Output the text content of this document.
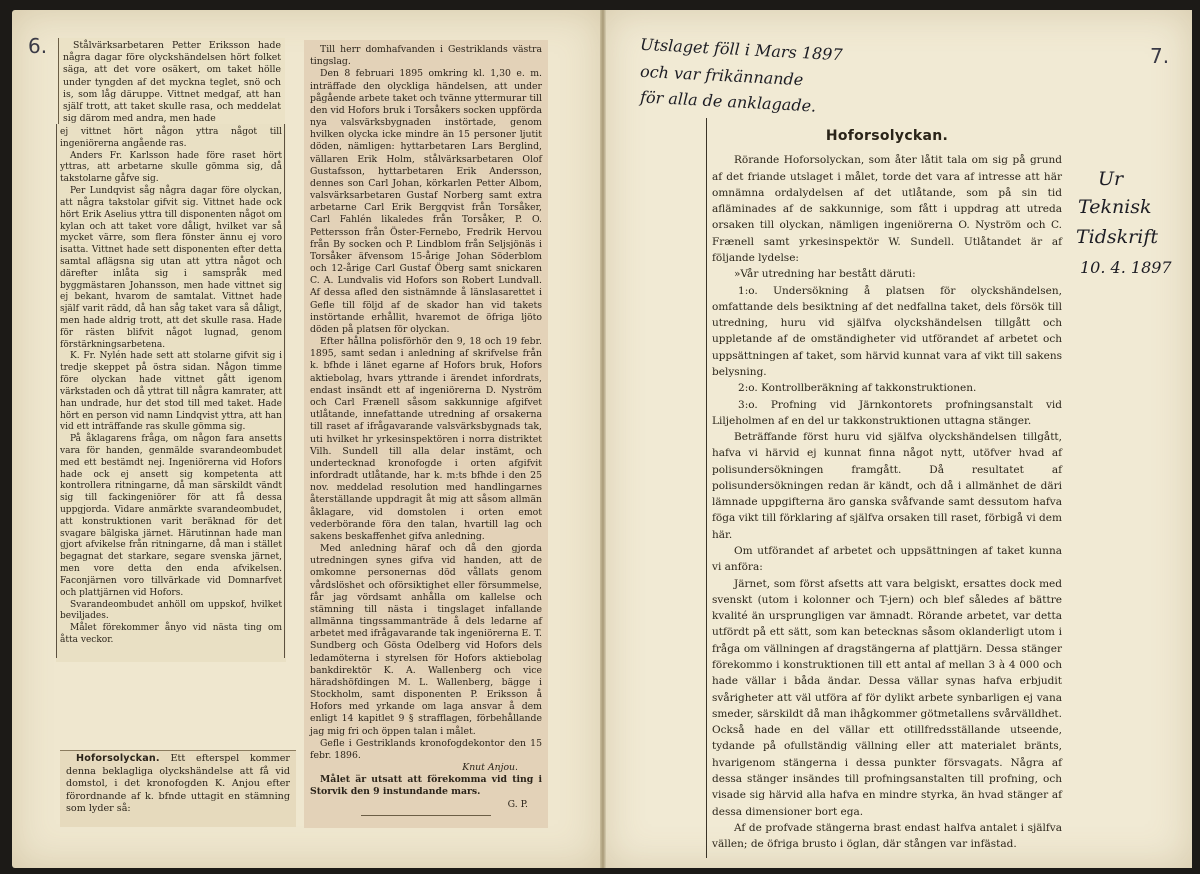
6.	7.

Stålvärksarbetaren Petter Eriksson hade några dagar före olyckshändelsen hört folket säga, att det vore osäkert, om taket hölle under tyngden af det myckna teglet, snö och is, som låg däruppe. Vittnet medgaf, att han själf trott, att taket skulle rasa, och meddelat sig därom med andra, men hade

ej vittnet hört någon yttra något till ingeniörerna angående ras.

Anders Fr. Karlsson hade före raset hört yttras, att arbetarne skulle gömma sig, då takstolarne gåfve sig.

Per Lundqvist såg några dagar före olyckan, att några takstolar gifvit sig. Vittnet hade ock hört Erik Aselius yttra till disponenten något om kylan och att taket vore dåligt, hvilket var så mycket värre, som flera fönster ännu ej voro isatta. Vittnet hade sett disponenten efter detta samtal aflägsna sig utan att yttra något och därefter inlåta sig i samspråk med byggmästaren Johansson, men hade vittnet sig ej bekant, hvarom de samtalat. Vittnet hade själf varit rädd, då han såg taket vara så dåligt, men hade aldrig trott, att det skulle rasa. Hade för rästen blifvit något lugnad, genom förstärkningsarbetena.

K. Fr. Nylén hade sett att stolarne gifvit sig i tredje skeppet på östra sidan. Någon timme före olyckan hade vittnet gått igenom värkstaden och då yttrat till några kamrater, att han undrade, hur det stod till med taket. Hade hört en person vid namn Lindqvist yttra, att han vid ett inträffande ras skulle gömma sig.

På åklagarens fråga, om någon fara ansetts vara för handen, genmälde svarandeombudet med ett bestämdt nej. Ingeniörerna vid Hofors hade ock ej ansett sig kompetenta att kontrollera ritningarne, då man särskildt vändt sig till fackingeniörer för att få dessa uppgjorda. Vidare anmärkte svarandeombudet, att konstruktionen varit beräknad för det svagare bälgiska järnet. Härutinnan hade man gjort afvikelse från ritningarne, då man i stället begagnat det starkare, segare svenska järnet, men vore detta den enda afvikelsen. Faconjärnen voro tillvärkade vid Domnarfvet och plattjärnen vid Hofors.

Svarandeombudet anhöll om uppskof, hvilket beviljades.

Målet förekommer ånyo vid nästa ting om åtta veckor.

Till herr domhafvanden i Gestriklands västra tingslag.

Den 8 februari 1895 omkring kl. 1,30 e. m. inträffade den olyckliga händelsen, att under pågående arbete taket och tvänne yttermurar till den vid Hofors bruk i Torsåkers socken uppförda nya valsvärksbygnaden instörtade, genom hvilken olycka icke mindre än 15 personer ljutit döden, nämligen: hyttarbetaren Lars Berglind, vällaren Erik Holm, stålvärksarbetaren Olof Gustafsson, hyttarbetaren Erik Andersson, dennes son Carl Johan, körkarlen Petter Albom, valsvärksarbetaren Gustaf Norberg samt extra arbetarne Carl Erik Bergqvist från Torsåker, Carl Fahlén likaledes från Torsåker, P. O. Pettersson från Öster-Fernebo, Fredrik Hervou från By socken och P. Lindblom från Seljsjönäs i Torsåker äfvensom 15-årige Johan Söderblom och 12-årige Carl Gustaf Öberg samt snickaren C. A. Lundvalis vid Hofors son Robert Lundvall. Af dessa afled den sistnämnde å länslasarettet i Gefle till följd af de skador han vid takets instörtande erhållit, hvaremot de öfriga ljöto döden på platsen för olyckan.

Efter hållna polisförhör den 9, 18 och 19 febr. 1895, samt sedan i anledning af skrifvelse från k. bfhde i länet egarne af Hofors bruk, Hofors aktiebolag, hvars yttrande i ärendet infordrats, endast insändt ett af ingeniörerna D. Nyström och Carl Frænell såsom sakkunnige afgifvet utlåtande, innefattande utredning af orsakerna till raset af ifrågavarande valsvärksbygnads tak, uti hvilket hr yrkesinspektören i norra distriktet Vilh. Sundell till alla delar instämt, och undertecknad kronofogde i orten afgifvit infordradt utlåtande, har k. m:ts bfhde i den 25 nov. meddelad resolution med handlingarnes återställande uppdragit åt mig att såsom allmän åklagare, vid domstolen i orten emot vederbörande föra den talan, hvartill lag och sakens beskaffenhet gifva anledning.

Med anledning häraf och då den gjorda utredningen synes gifva vid handen, att de omkomne personernas död vållats genom vårdslöshet och oförsiktighet eller försummelse, får jag vördsamt anhålla om kallelse och stämning till nästa i tingslaget infallande allmänna tingssammanträde å dels ledarne af arbetet med ifrågavarande tak ingeniörerna E. T. Sundberg och Gösta Odelberg vid Hofors dels ledamöterna i styrelsen för Hofors aktiebolag bankdirektör K. A. Wallenberg och vice häradshöfdingen M. L. Wallenberg, bägge i Stockholm, samt disponenten P. Eriksson å Hofors med yrkande om laga ansvar å dem enligt 14 kapitlet 9 § strafflagen, förbehållande jag mig fri och öppen talan i målet.

Gefle i Gestriklands kronofogdekontor den 15 febr. 1896.

Knut Anjou.

Målet är utsatt att förekomma vid ting i Storvik den 9 instundande mars.

G. P.

Hoforsolyckan. Ett efterspel kommer denna beklagliga olyckshändelse att få vid domstol, i det kronofogden K. Anjou efter förordnande af k. bfnde uttagit en stämning som lyder så:

Utslaget föll i Mars 1897
och var frikännande
för alla de anklagade.
Ur
Teknisk
Tidskrift
10. 4. 1897
Hoforsolyckan.

Rörande Hoforsolyckan, som åter låtit tala om sig på grund af det friande utslaget i målet, torde det vara af intresse att här omnämna ordalydelsen af det utlåtande, som på sin tid afläminades af de sakkunnige, som fått i uppdrag att utreda orsaken till olyckan, nämligen ingeniörerna O. Nyström och C. Frænell samt yrkesinspektör W. Sundell. Utlåtandet är af följande lydelse:

»Vår utredning har bestått däruti:

1:o. Undersökning å platsen för olyckshändelsen, omfattande dels besiktning af det nedfallna taket, dels försök till utredning, huru vid själfva olyckshändelsen tillgått och uppletande af de omständigheter vid utförandet af arbetet och uppsättningen af taket, som härvid kunnat vara af vikt till sakens belysning.

2:o. Kontrollberäkning af takkonstruktionen.

3:o. Profning vid Järnkontorets profningsanstalt vid Liljeholmen af en del ur takkonstruktionen uttagna stänger.

Beträffande först huru vid själfva olyckshändelsen tillgått, hafva vi härvid ej kunnat finna något nytt, utöfver hvad af polisundersökningen framgått. Då resultatet af polisundersökningen redan är kändt, och då i allmänhet de däri lämnade uppgifterna äro ganska svåfvande samt dessutom hafva föga vikt till förklaring af själfva orsaken till raset, förbigå vi dem här.

Om utförandet af arbetet och uppsättningen af taket kunna vi anföra:

Järnet, som först afsetts att vara belgiskt, ersattes dock med svenskt (utom i kolonner och T-jern) och blef således af bättre kvalité än ursprungligen var ämnadt. Rörande arbetet, var detta utfördt på ett sätt, som kan betecknas såsom oklanderligt utom i fråga om vällningen af dragstängerna af plattjärn. Dessa stänger förekommo i konstruktionen till ett antal af mellan 3 à 4 000 och hade vällar i båda ändar. Dessa vällar synas hafva erbjudit svårigheter att väl utföra af för dylikt arbete synbarligen ej vana smeder, särskildt då man ihågkommer götmetallens svårvälldhet. Också hade en del vällar ett otillfredsställande utseende, tydande på ofullständig vällning eller att materialet bränts, hvarigenom stängerna i dessa punkter försvagats. Några af dessa stänger insändes till profningsanstalten till profning, och visade sig härvid alla hafva en mindre styrka, än hvad stänger af dessa dimensioner bort ega.

Af de profvade stängerna brast endast halfva antalet i själfva vällen; de öfriga brusto i öglan, där stången var infästad.
